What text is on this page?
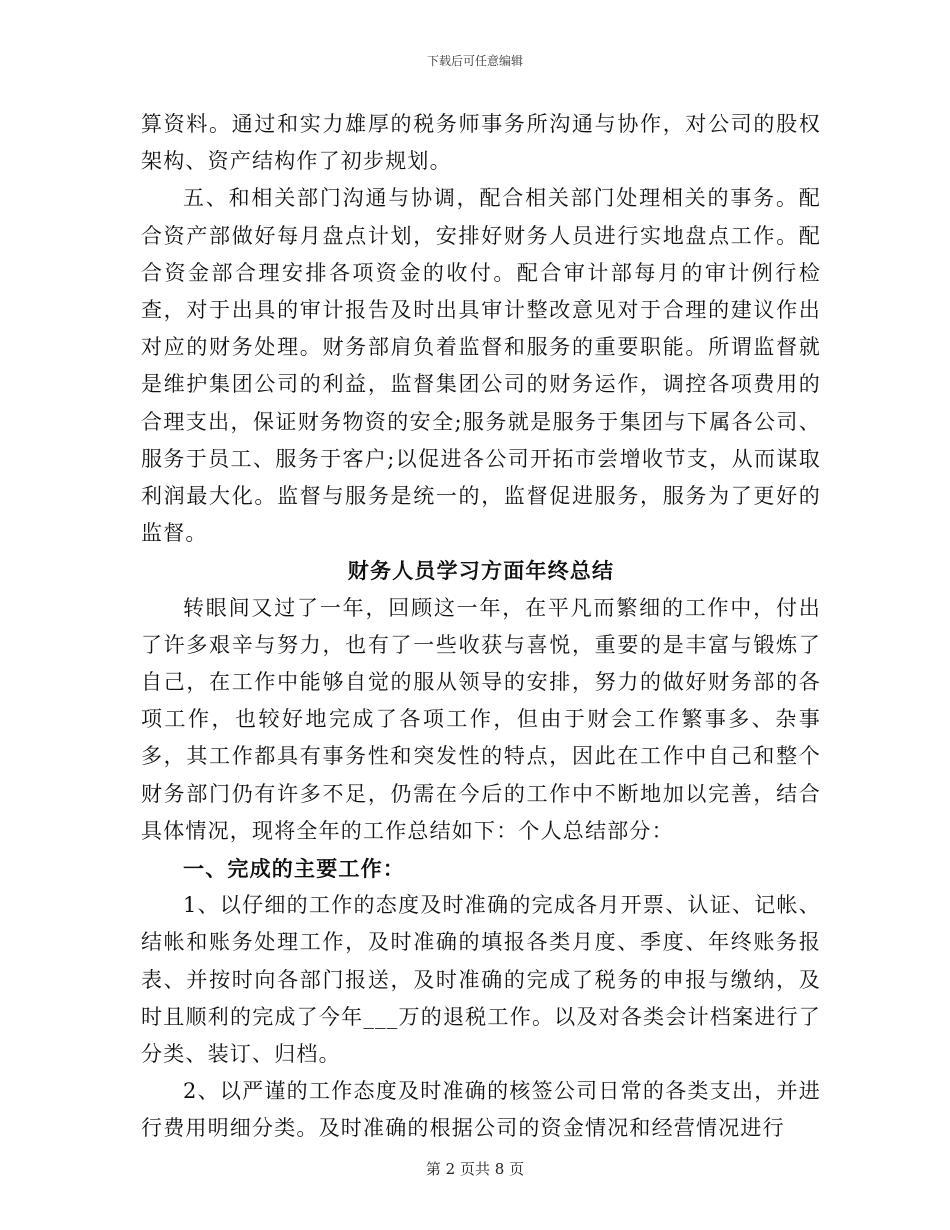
下载后可任意编辑

算资料。通过和实力雄厚的税务师事务所沟通与协作，对公司的股权架构、资产结构作了初步规划。

五、和相关部门沟通与协调，配合相关部门处理相关的事务。配合资产部做好每月盘点计划，安排好财务人员进行实地盘点工作。配合资金部合理安排各项资金的收付。配合审计部每月的审计例行检查，对于出具的审计报告及时出具审计整改意见对于合理的建议作出对应的财务处理。财务部肩负着监督和服务的重要职能。所谓监督就是维护集团公司的利益，监督集团公司的财务运作，调控各项费用的合理支出，保证财务物资的安全;服务就是服务于集团与下属各公司、服务于员工、服务于客户;以促进各公司开拓市尝增收节支，从而谋取利润最大化。监督与服务是统一的，监督促进服务，服务为了更好的监督。

财务人员学习方面年终总结

转眼间又过了一年，回顾这一年，在平凡而繁细的工作中，付出了许多艰辛与努力，也有了一些收获与喜悦，重要的是丰富与锻炼了自己，在工作中能够自觉的服从领导的安排，努力的做好财务部的各项工作，也较好地完成了各项工作，但由于财会工作繁事多、杂事多，其工作都具有事务性和突发性的特点，因此在工作中自己和整个财务部门仍有许多不足，仍需在今后的工作中不断地加以完善，结合具体情况，现将全年的工作总结如下：个人总结部分：

一、完成的主要工作：

1、以仔细的工作的态度及时准确的完成各月开票、认证、记帐、结帐和账务处理工作，及时准确的填报各类月度、季度、年终账务报表、并按时向各部门报送，及时准确的完成了税务的申报与缴纳，及时且顺利的完成了今年___万的退税工作。以及对各类会计档案进行了分类、装订、归档。

2、以严谨的工作态度及时准确的核签公司日常的各类支出，并进行费用明细分类。及时准确的根据公司的资金情况和经营情况进行

第 2 页共 8 页
